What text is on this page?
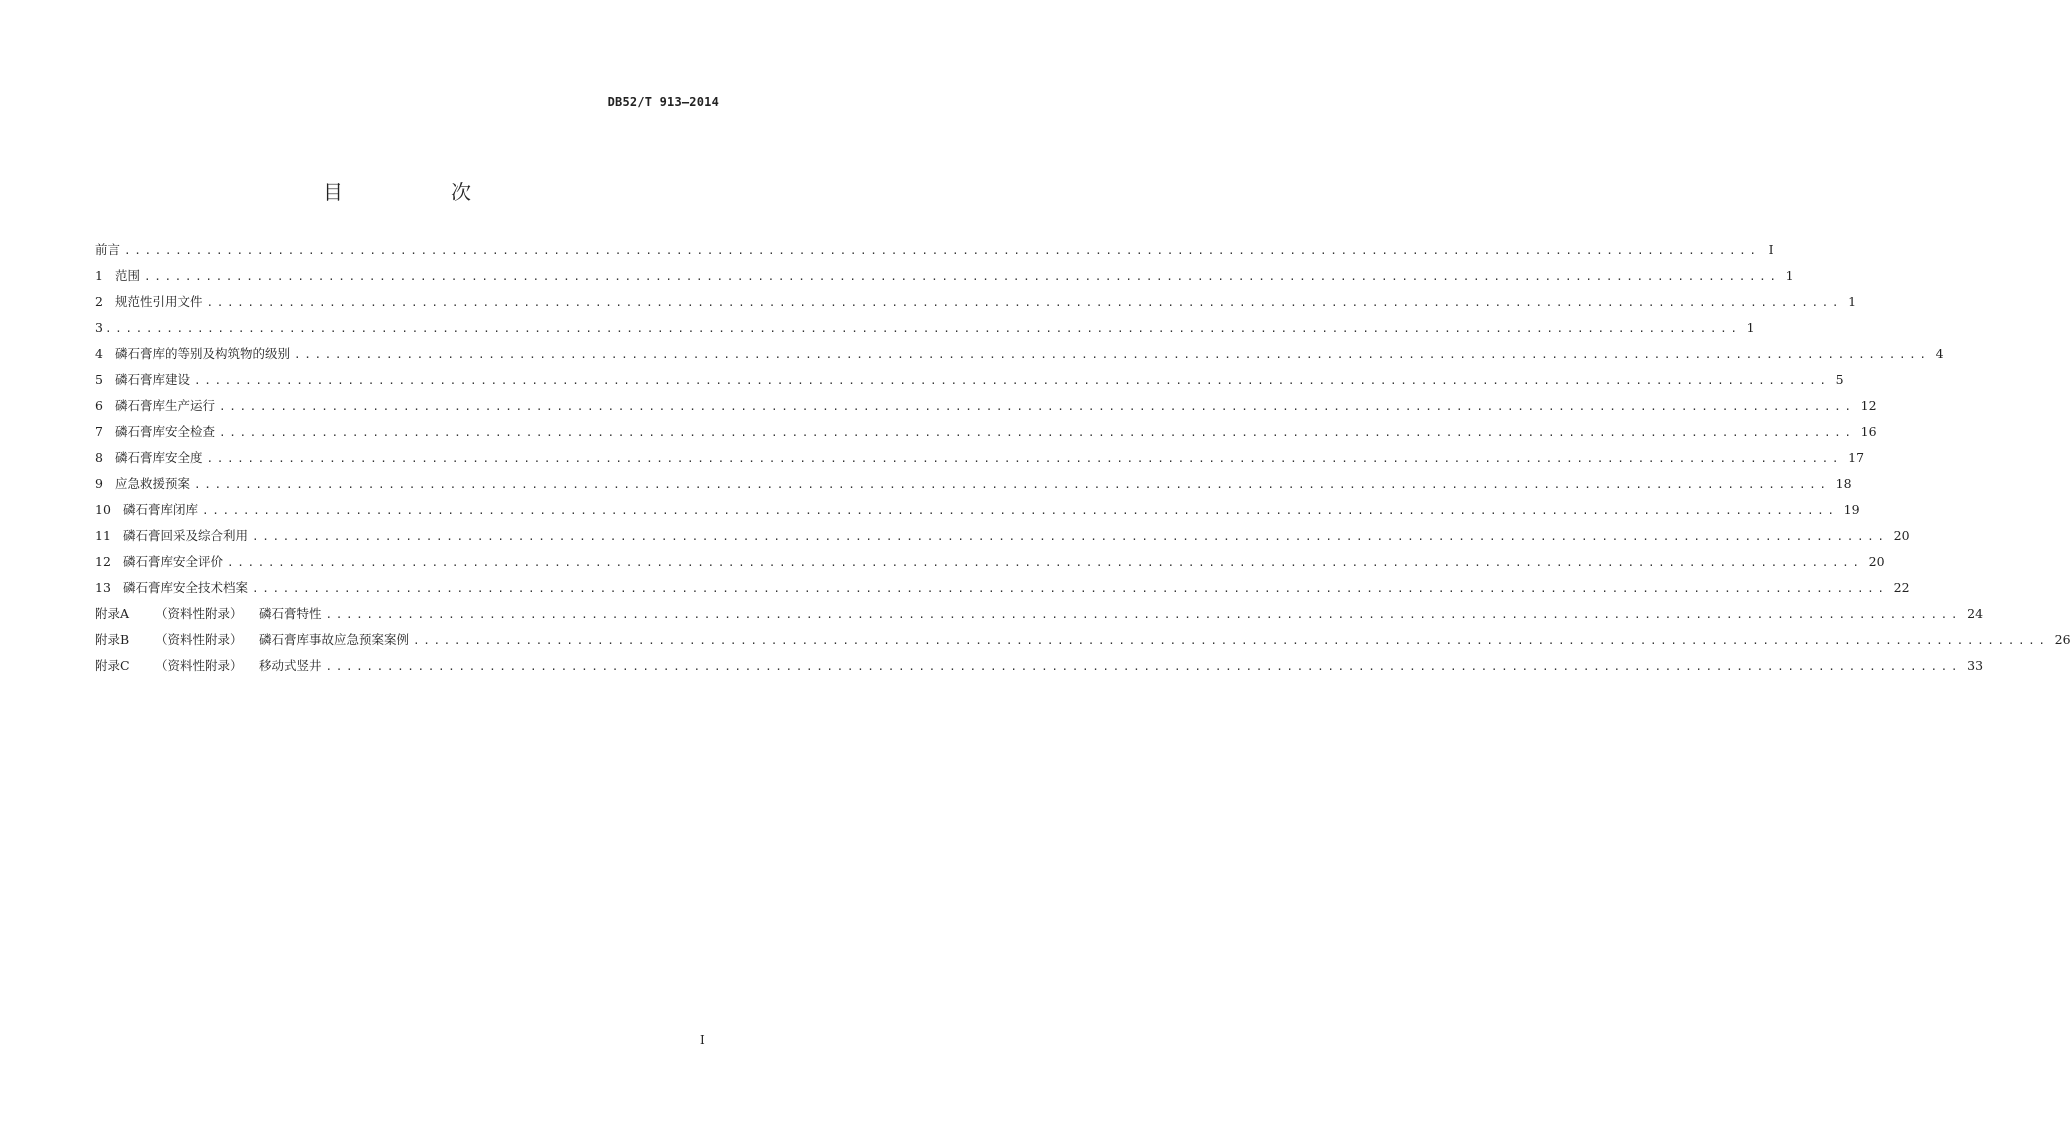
DB52/T 913—2014
目　次
前言 ................................................................................................................................................................ I
1 范围 ................................................................................................................................................................ 1
2 规范性引用文件 ................................................................................................................................................................ 1
3 ................................................................................................................................................................ 1
4 磷石膏库的等别及构筑物的级别 ................................................................................................................................................................ 4
5 磷石膏库建设 ................................................................................................................................................................ 5
6 磷石膏库生产运行 ................................................................................................................................................................ 12
7 磷石膏库安全检查 ................................................................................................................................................................ 16
8 磷石膏库安全度 ................................................................................................................................................................ 17
9 应急救援预案 ................................................................................................................................................................ 18
10 磷石膏库闭库 ................................................................................................................................................................ 19
11 磷石膏回采及综合利用 ................................................................................................................................................................ 20
12 磷石膏库安全评价 ................................................................................................................................................................ 20
13 磷石膏库安全技术档案 ................................................................................................................................................................ 22
附录A	（资料性附录）	磷石膏特性 ................................................................................................................................................................ 24
附录B	（资料性附录）	磷石膏库事故应急预案案例 ................................................................................................................................................................ 26
附录C	（资料性附录）	移动式竖井 ................................................................................................................................................................ 33
I
